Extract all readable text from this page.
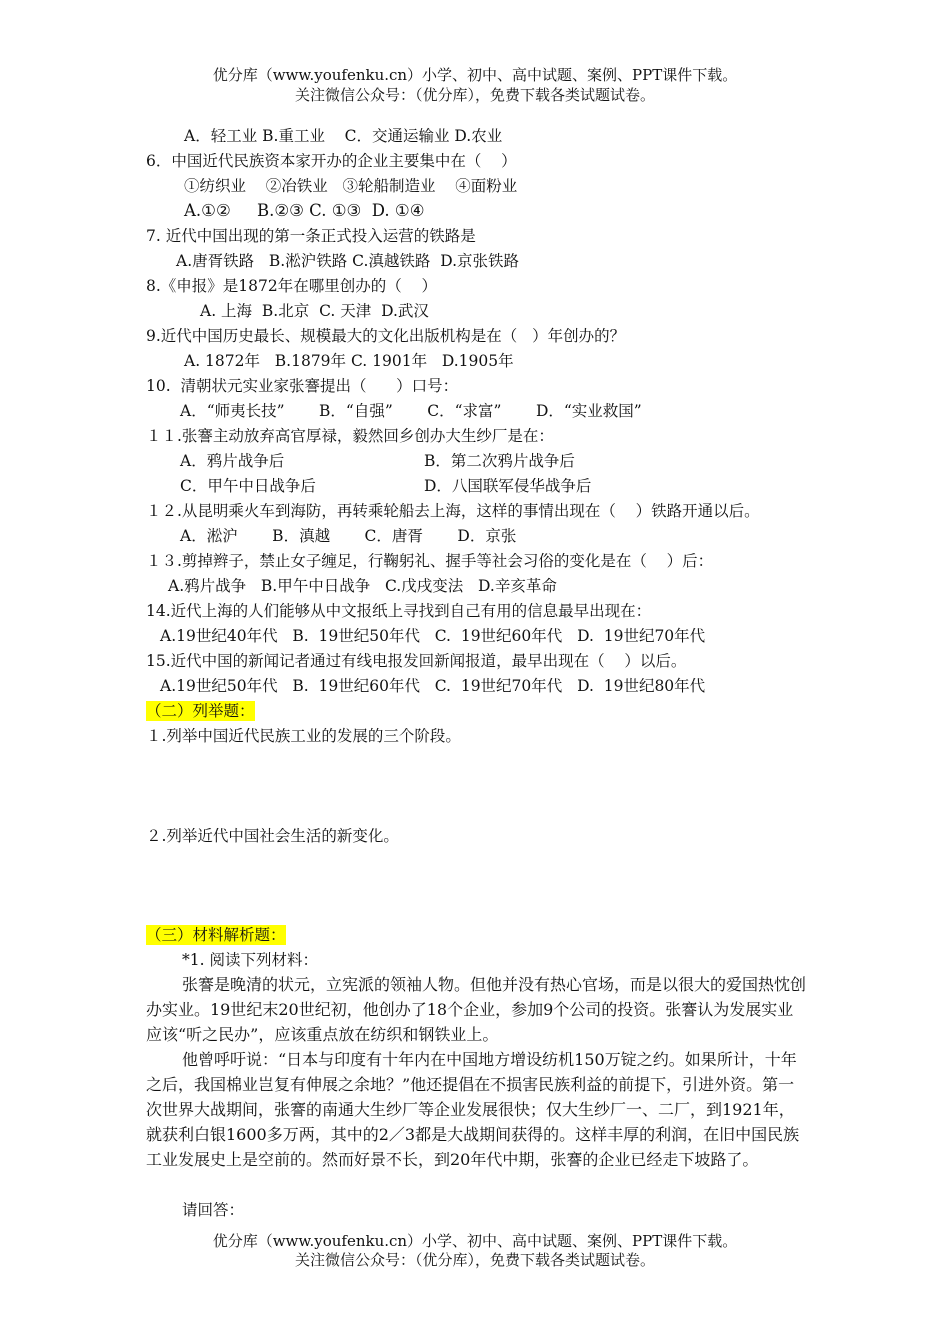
优分库（www.youfenku.cn）小学、初中、高中试题、案例、PPT课件下载。
关注微信公众号：（优分库），免费下载各类试题试卷。
A．轻工业 B.重工业    C．交通运输业 D.农业
6．中国近代民族资本家开办的企业主要集中在（    ）
①纺织业    ②冶铁业   ③轮船制造业    ④面粉业
A.①②     B.②③ C. ①③  D. ①④
7. 近代中国出现的第一条正式投入运营的铁路是
A.唐胥铁路   B.淞沪铁路 C.滇越铁路  D.京张铁路
8.《申报》是1872年在哪里创办的（    ）
A. 上海  B.北京  C. 天津  D.武汉
9.近代中国历史最长、规模最大的文化出版机构是在（   ）年创办的？
A. 1872年   B.1879年 C. 1901年   D.1905年
10.  清朝状元实业家张謇提出（      ）口号：
A．“师夷长技”       B．“自强”       C．“求富”       D．“实业救国”
１１.张謇主动放弃高官厚禄，毅然回乡创办大生纱厂是在：
A．鸦片战争后	B．第二次鸦片战争后
C．甲午中日战争后	D．八国联军侵华战争后
１２.从昆明乘火车到海防，再转乘轮船去上海，这样的事情出现在（    ）铁路开通以后。
A．淞沪       B．滇越       C．唐胥       D．京张
１３.剪掉辫子，禁止女子缠足，行鞠躬礼、握手等社会习俗的变化是在（    ）后：
A.鸦片战争   B.甲午中日战争   C.戊戌变法   D.辛亥革命
14.近代上海的人们能够从中文报纸上寻找到自己有用的信息最早出现在：
A.19世纪40年代   B.  19世纪50年代   C.  19世纪60年代   D.  19世纪70年代
15.近代中国的新闻记者通过有线电报发回新闻报道，最早出现在（    ）以后。
A.19世纪50年代   B.  19世纪60年代   C.  19世纪70年代   D.  19世纪80年代
（二）列举题：
１.列举中国近代民族工业的发展的三个阶段。
２.列举近代中国社会生活的新变化。
（三）材料解析题：
*1. 阅读下列材料：
张謇是晚清的状元，立宪派的领袖人物。但他并没有热心官场，而是以很大的爱国热忱创办实业。19世纪末20世纪初，他创办了18个企业，参加9个公司的投资。张謇认为发展实业应该“听之民办”，应该重点放在纺织和钢铁业上。
他曾呼吁说：“日本与印度有十年内在中国地方增设纺机150万锭之约。如果所计，十年之后，我国棉业岂复有伸展之余地？”他还提倡在不损害民族利益的前提下，引进外资。第一次世界大战期间，张謇的南通大生纱厂等企业发展很快；仅大生纱厂一、二厂，到1921年，就获利白银1600多万两，其中的2／3都是大战期间获得的。这样丰厚的利润，在旧中国民族工业发展史上是空前的。然而好景不长，到20年代中期，张謇的企业已经走下坡路了。
请回答：
优分库（www.youfenku.cn）小学、初中、高中试题、案例、PPT课件下载。
关注微信公众号：（优分库），免费下载各类试题试卷。
